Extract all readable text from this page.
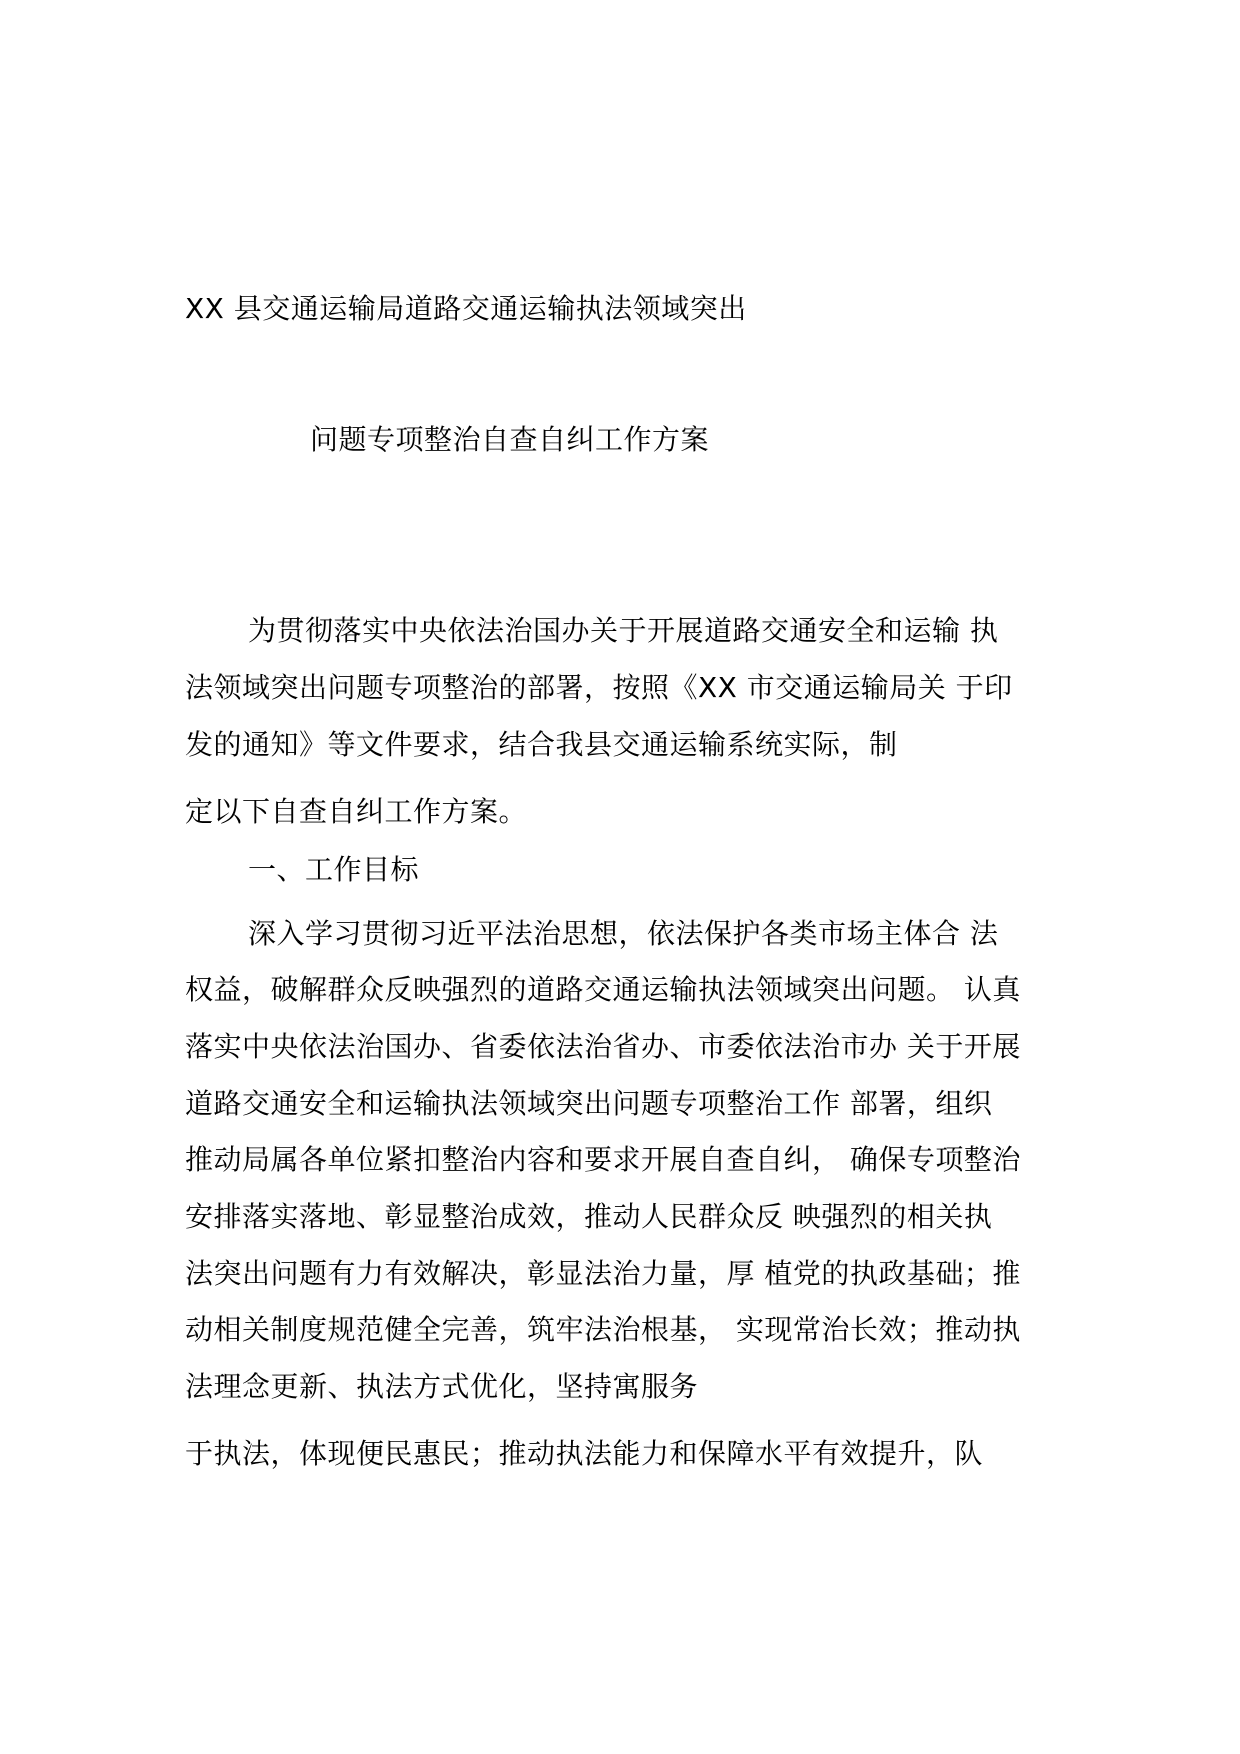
XX 县交通运输局道路交通运输执法领域突出
问题专项整治自查自纠工作方案
为贯彻落实中央依法治国办关于开展道路交通安全和运输 执
法领域突出问题专项整治的部署，按照《XX 市交通运输局关 于印
发的通知》等文件要求，结合我县交通运输系统实际，制
定以下自查自纠工作方案。
一、工作目标
深入学习贯彻习近平法治思想，依法保护各类市场主体合 法
权益，破解群众反映强烈的道路交通运输执法领域突出问题。 认真
落实中央依法治国办、省委依法治省办、市委依法治市办 关于开展
道路交通安全和运输执法领域突出问题专项整治工作 部署，组织
推动局属各单位紧扣整治内容和要求开展自查自纠， 确保专项整治
安排落实落地、彰显整治成效，推动人民群众反 映强烈的相关执
法突出问题有力有效解决，彰显法治力量，厚 植党的执政基础；推
动相关制度规范健全完善，筑牢法治根基， 实现常治长效；推动执
法理念更新、执法方式优化，坚持寓服务
于执法，体现便民惠民；推动执法能力和保障水平有效提升，队
